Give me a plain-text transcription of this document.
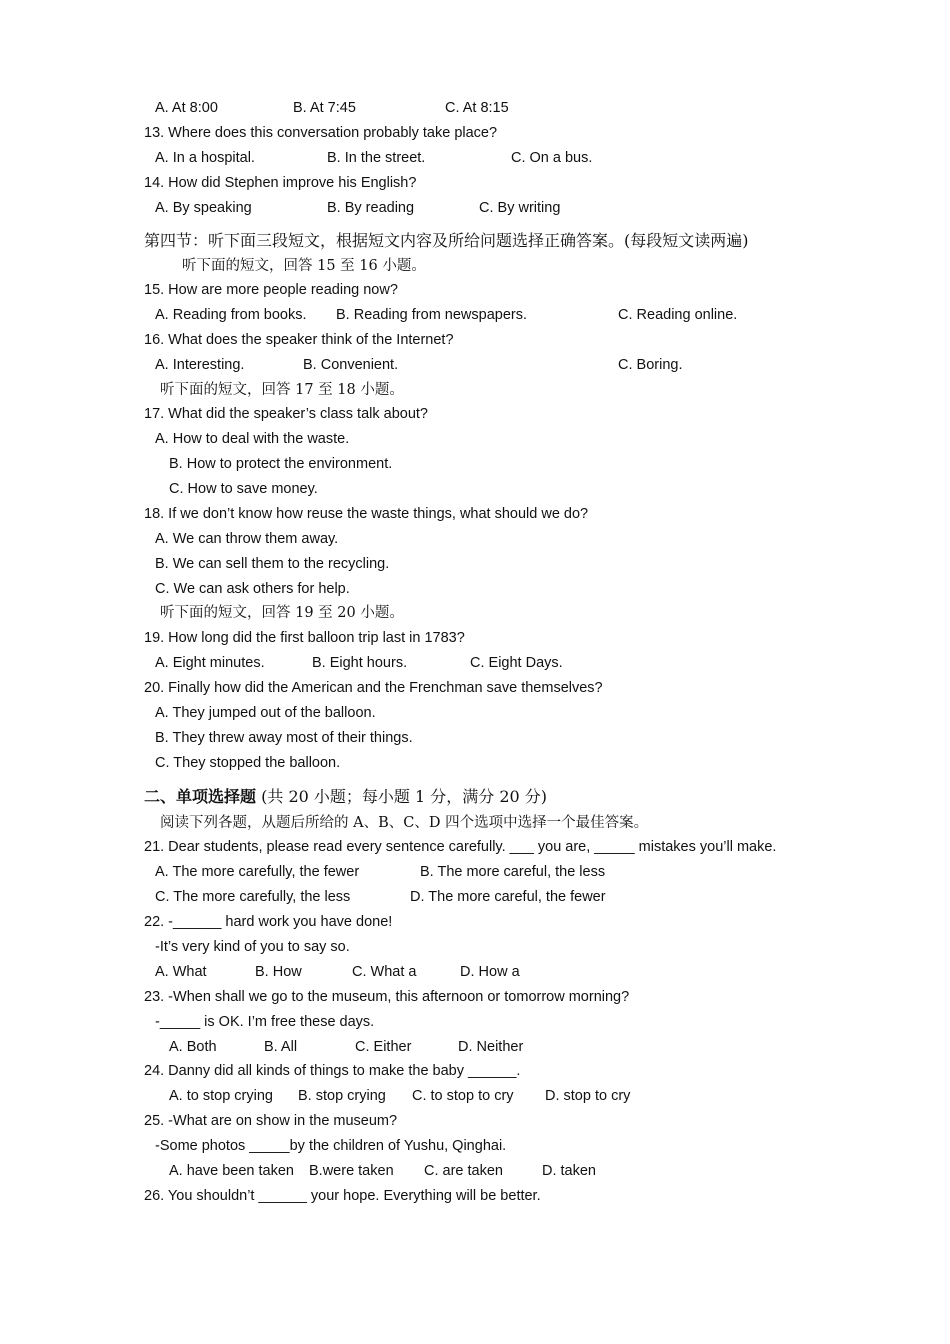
A. At 8:00	B. At 7:45	C. At 8:15
13. Where does this conversation probably take place?
A. In a hospital.	B. In the street.	C. On a bus.
14. How did Stephen improve his English?
A. By speaking	B. By reading	C. By writing
第四节：听下面三段短文，根据短文内容及所给问题选择正确答案。(每段短文读两遍)
听下面的短文，回答 15 至 16 小题。
15. How are more people reading now?
A. Reading from books. B. Reading from newspapers.	C. Reading online.
16. What does the speaker think of the Internet?
A. Interesting.	B. Convenient.	C. Boring.
听下面的短文，回答 17 至 18 小题。
17. What did the speaker’s class talk about?
A. How to deal with the waste.
B. How to protect the environment.
C. How to save money.
18. If we don’t know how reuse the waste things, what should we do?
A. We can throw them away.
B. We can sell them to the recycling.
C. We can ask others for help.
听下面的短文，回答 19 至 20 小题。
19. How long did the first balloon trip last in 1783?
A. Eight minutes.	B. Eight hours.	C. Eight Days.
20. Finally how did the American and the Frenchman save themselves?
A. They jumped out of the balloon.
B. They threw away most of their things.
C. They stopped the balloon.
二、单项选择题 (共 20 小题；每小题 1 分，满分 20 分)
阅读下列各题，从题后所给的 A、B、C、D 四个选项中选择一个最佳答案。
21. Dear students, please read every sentence carefully. ___ you are, _____ mistakes you’ll make.
A. The more carefully, the fewer	B. The more careful, the less
C. The more carefully, the less	D. The more careful, the fewer
22. -______ hard work you have done!
-It’s very kind of you to say so.
A. What	B. How	C. What a	D. How a
23. -When shall we go to the museum, this afternoon or tomorrow morning?
-_____ is OK. I’m free these days.
A. Both	B. All	C. Either	D. Neither
24. Danny did all kinds of things to make the baby ______.
A. to stop crying B. stop crying C. to stop to cry D. stop to cry
25. -What are on show in the museum?
-Some photos _____by the children of Yushu, Qinghai.
A. have been taken B.were taken C. are taken	D. taken
26. You shouldn’t ______ your hope. Everything will be better.
